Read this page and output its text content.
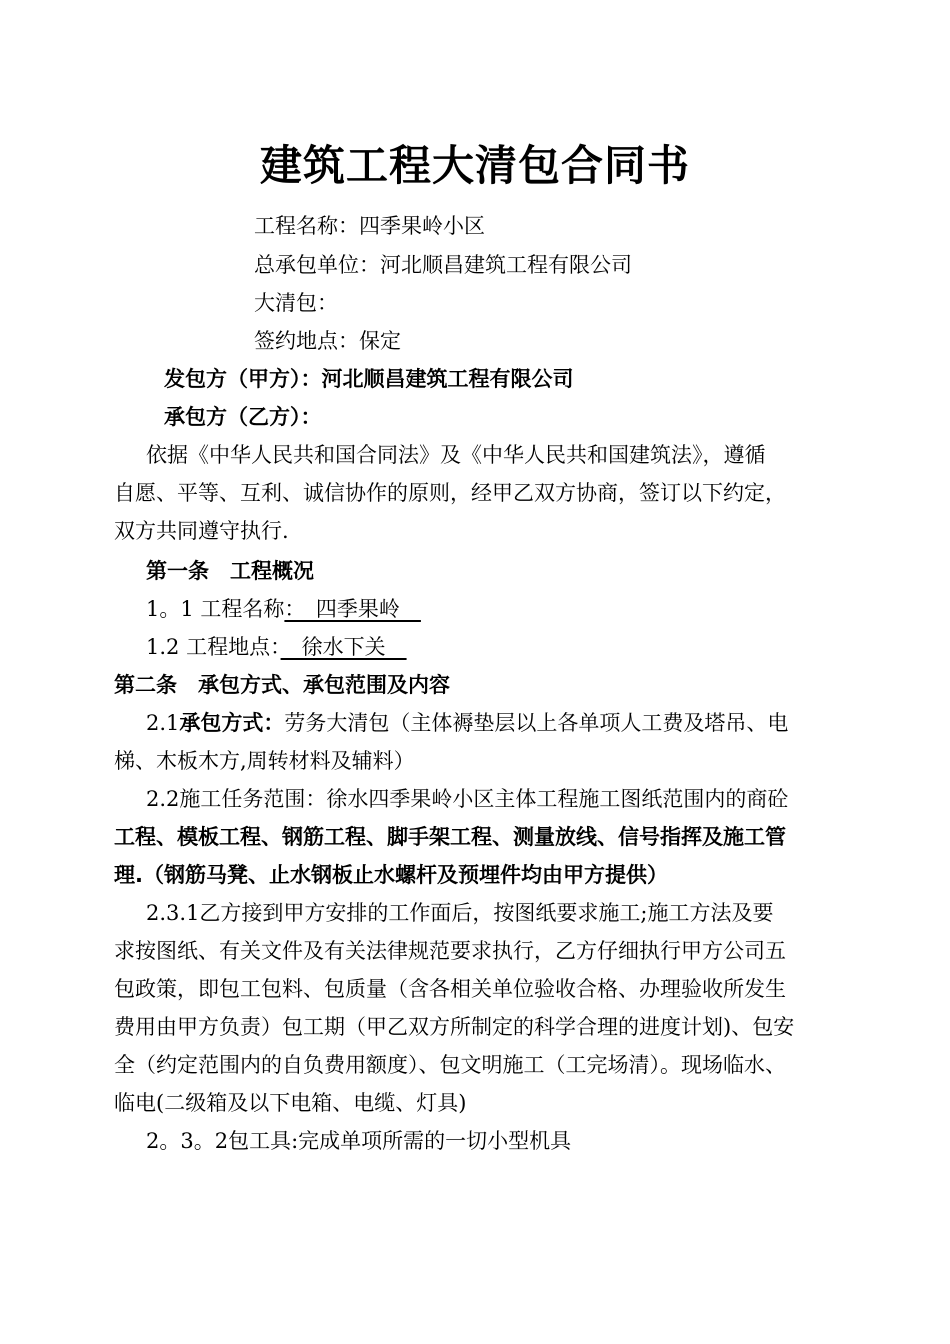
建筑工程大清包合同书
工程名称：四季果岭小区
总承包单位：河北顺昌建筑工程有限公司
大清包：
签约地点：保定
发包方（甲方）：河北顺昌建筑工程有限公司
承包方（乙方）：
依据《中华人民共和国合同法》及《中华人民共和国建筑法》，遵循
自愿、平等、互利、诚信协作的原则，经甲乙双方协商，签订以下约定，
双方共同遵守执行.
第一条　工程概况
1。1 工程名称：　四季果岭　
1.2 工程地点：　徐水下关　
第二条　承包方式、承包范围及内容
2.1承包方式：劳务大清包（主体褥垫层以上各单项人工费及塔吊、电
梯、木板木方,周转材料及辅料）
2.2施工任务范围：徐水四季果岭小区主体工程施工图纸范围内的商砼
工程、模板工程、钢筋工程、脚手架工程、测量放线、信号指挥及施工管
理.（钢筋马凳、止水钢板止水螺杆及预埋件均由甲方提供）
2.3.1乙方接到甲方安排的工作面后，按图纸要求施工;施工方法及要
求按图纸、有关文件及有关法律规范要求执行，乙方仔细执行甲方公司五
包政策，即包工包料、包质量（含各相关单位验收合格、办理验收所发生
费用由甲方负责）包工期（甲乙双方所制定的科学合理的进度计划)、包安
全（约定范围内的自负费用额度）、包文明施工（工完场清）。现场临水、
临电(二级箱及以下电箱、电缆、灯具)
2。3。2包工具:完成单项所需的一切小型机具
